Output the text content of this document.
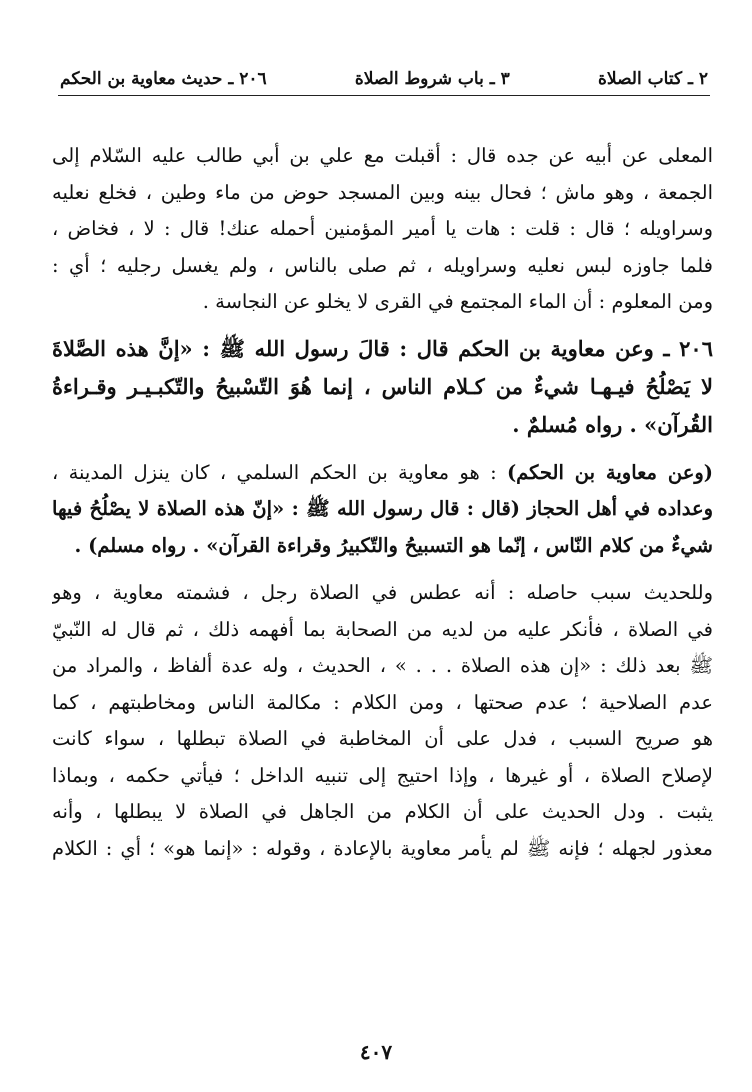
٢ ـ كتاب الصلاة
٣ ـ باب شروط الصلاة
٢٠٦ ـ حديث معاوية بن الحكم
المعلى عن أبيه عن جده قال : أقبلت مع علي بن أبي طالب عليه السّلام إلى
الجمعة ، وهو ماش ؛ فحال بينه وبين المسجد حوض من ماء وطين ، فخلع نعليه
وسراويله ؛ قال : قلت : هات يا أمير المؤمنين أحمله عنك! قال : لا ، فخاض ،
فلما جاوزه لبس نعليه وسراويله ، ثم صلى بالناس ، ولم يغسل رجليه ؛ أي :
ومن المعلوم : أن الماء المجتمع في القرى لا يخلو عن النجاسة .
٢٠٦ ـ وعن معاوية بن الحكم قال : قالَ رسول الله ﷺ : «إنَّ هذه الصَّلاةَ
لا يَصْلُحُ فيـهـا شيءٌ من كـلام الناس ، إنما هُوَ التّسْبيحُ والتّكبـيـر وقـراءةُ
القُرآن» . رواه مُسلمٌ .
(وعن معاوية بن الحكم) : هو معاوية بن الحكم السلمي ، كان ينزل المدينة ،
وعداده في أهل الحجاز (قال : قال رسول الله ﷺ : «إنّ هذه الصلاة لا يصْلُحُ فيها
شيءٌ من كلام النّاس ، إنّما هو التسبيحُ والتّكبيرُ وقراءة القرآن» . رواه مسلم) .
وللحديث سبب حاصله : أنه عطس في الصلاة رجل ، فشمته معاوية ، وهو
في الصلاة ، فأنكر عليه من لديه من الصحابة بما أفهمه ذلك ، ثم قال له النّبيّ
ﷺ بعد ذلك : «إن هذه الصلاة . . . » ، الحديث ، وله عدة ألفاظ ، والمراد من
عدم الصلاحية ؛ عدم صحتها ، ومن الكلام : مكالمة الناس ومخاطبتهم ، كما
هو صريح السبب ، فدل على أن المخاطبة في الصلاة تبطلها ، سواء كانت
لإصلاح الصلاة ، أو غيرها ، وإذا احتيج إلى تنبيه الداخل ؛ فيأتي حكمه ، وبماذا
يثبت . ودل الحديث على أن الكلام من الجاهل في الصلاة لا يبطلها ، وأنه
معذور لجهله ؛ فإنه ﷺ لم يأمر معاوية بالإعادة ، وقوله : «إنما هو» ؛ أي : الكلام
٤٠٧
